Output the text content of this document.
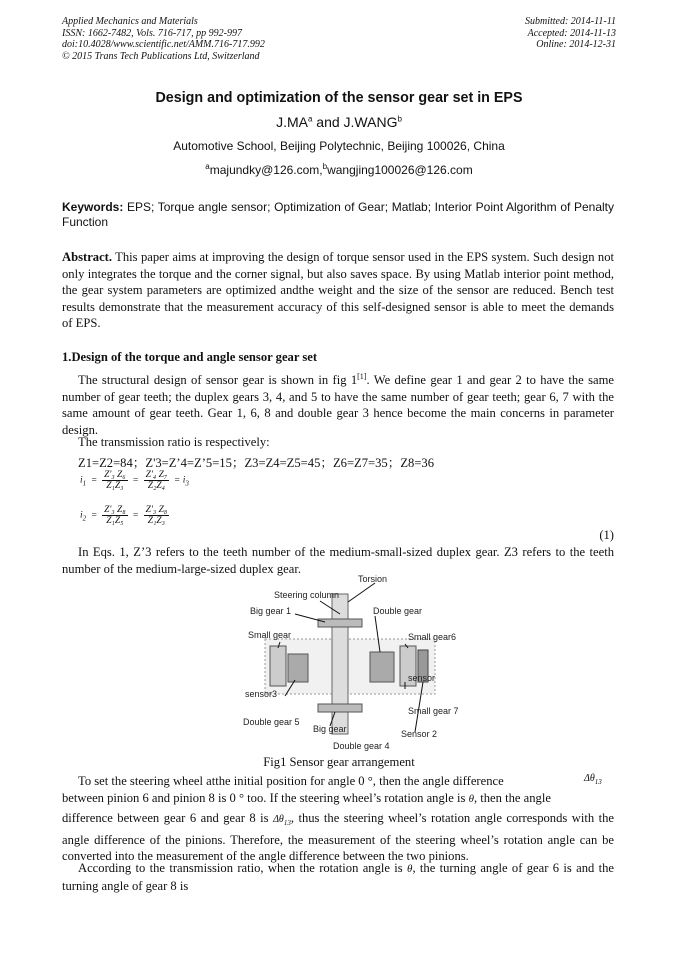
Applied Mechanics and Materials
ISSN: 1662-7482, Vols. 716-717, pp 992-997
doi:10.4028/www.scientific.net/AMM.716-717.992
© 2015 Trans Tech Publications Ltd, Switzerland
Submitted: 2014-11-11
Accepted: 2014-11-13
Online: 2014-12-31
Design and optimization of the sensor gear set in EPS
$J.MA^a$ and J.WANG$^b$
Automotive School, Beijing Polytechnic, Beijing 100026, China
$^a$majundky@126.com,$^b$wangjing100026@126.com
Keywords: EPS; Torque angle sensor; Optimization of Gear; Matlab; Interior Point Algorithm of Penalty Function
Abstract. This paper aims at improving the design of torque sensor used in the EPS system. Such design not only integrates the torque and the corner signal, but also saves space. By using Matlab interior point method, the gear system parameters are optimized andthe weight and the size of the sensor are reduced. Bench test results demonstrate that the measurement accuracy of this self-designed sensor is able to meet the demands of EPS.
1.Design of the torque and angle sensor gear set
The structural design of sensor gear is shown in fig 1[1]. We define gear 1 and gear 2 to have the same number of gear teeth; the duplex gears 3, 4, and 5 to have the same number of gear teeth; gear 6, 7 with the same amount of gear teeth. Gear 1, 6, 8 and double gear 3 hence become the main concerns in parameter design.
The transmission ratio is respectively:
Z1=Z2=84；Z'3=Z’4=Z’5=15；Z3=Z4=Z5=45；Z6=Z7=35；Z8=36
$i_1 = \frac{\text{Z'₃ Z₆}}{\text{Z₁Z₃}} = \frac{\text{Z'₄ Z₇}}{\text{Z₂Z₄}} = i_3$
$i_2 = \frac{\text{Z'₃ Z₈}}{\text{Z₁Z₅}} = \frac{\text{Z'₃ Z₈}}{\text{Z₁Z₃}}$
(1)
In Eqs. 1, Z’3 refers to the teeth number of the medium-small-sized duplex gear. Z3 refers to the teeth number of the medium-large-sized duplex gear.
Torsion
Steering column
Big gear 1	Double gear
Small gear	Small gear6
sensor
sensor3
Small gear 7
Double gear 5
Big gear	Sensor 2
Double gear 4
Fig1 Sensor gear arrangement
To set the steering wheel atthe initial position for angle 0 °, then the angle difference	$\Delta\theta_{13}$
between pinion 6 and pinion 8 is 0 ° too. If the steering wheel’s rotation angle is θ, then the angle
difference between gear 6 and gear 8 is $\Delta\theta_{13}$, thus the steering wheel’s rotation angle corresponds with the angle difference of the pinions. Therefore, the measurement of the steering wheel’s rotation angle can be converted into the measurement of the angle difference between the two pinions.
According to the transmission ratio, when the rotation angle is θ, the turning angle of gear 6 is and the turning angle of gear 8 is
